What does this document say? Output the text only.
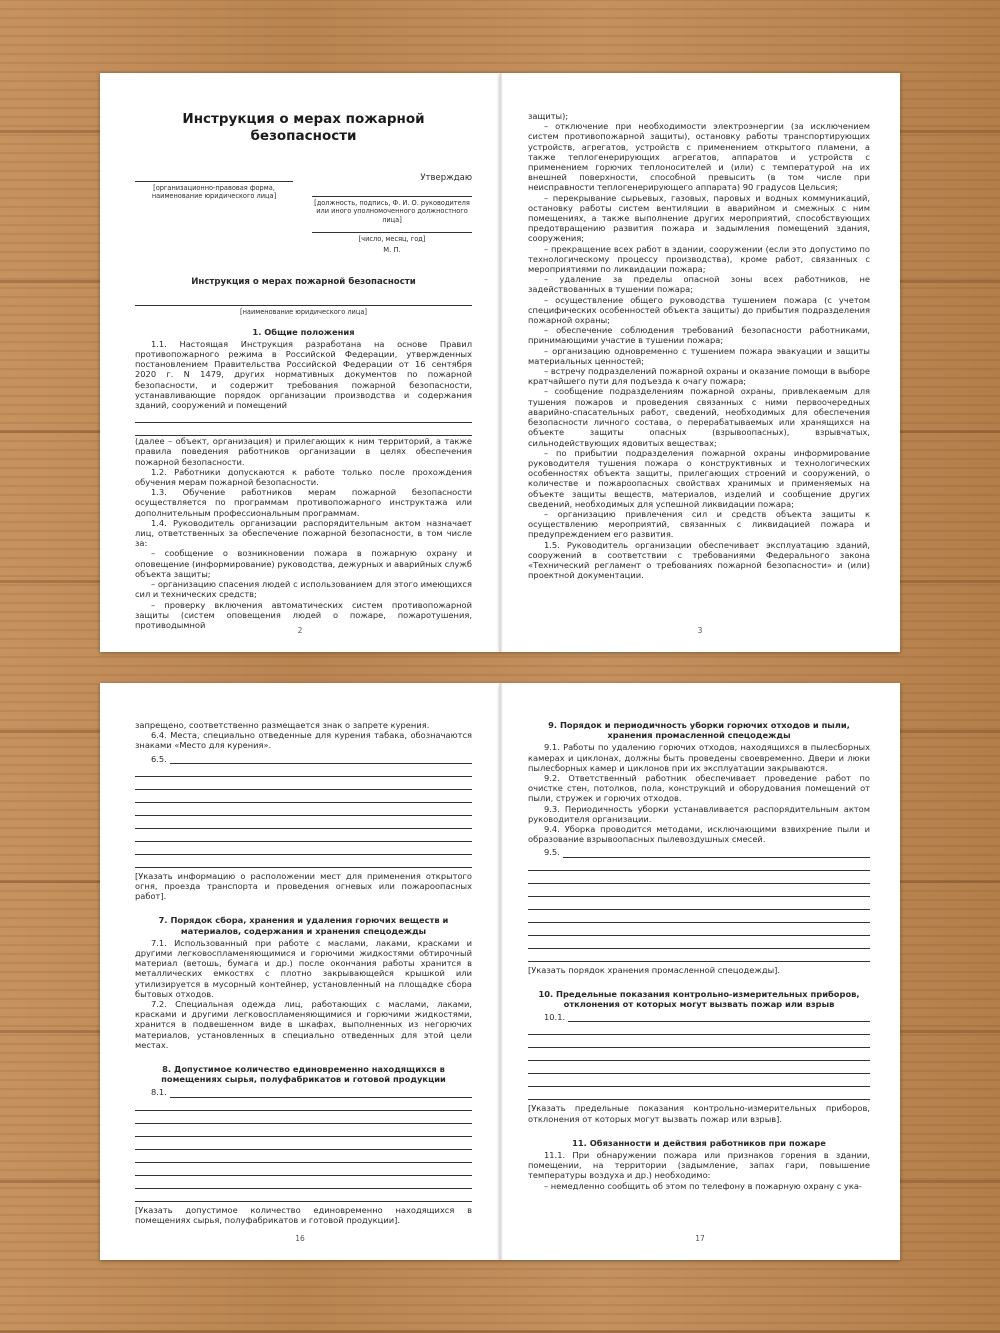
Инструкция о мерах пожарной безопасности
[организационно-правовая форма, наименование юридического лица]
Утверждаю
[должность, подпись, Ф. И. О. руководителя или иного уполномоченного должностного лица]
[число, месяц, год]
М. П.
Инструкция о мерах пожарной безопасности
[наименование юридического лица]
1. Общие положения

1.1. Настоящая Инструкция разработана на основе Правил противопожарного режима в Российской Федерации, утвержденных постановлением Правительства Российской Федерации от 16 сентября 2020 г. N 1479, других нормативных документов по пожарной безопасности, и содержит требования пожарной безопасности, устанавливающие порядок организации производства и содержания зданий, сооружений и помещений

(далее – объект, организация) и прилегающих к ним территорий, а также правила поведения работников организации в целях обеспечения пожарной безопасности.

1.2. Работники допускаются к работе только после прохождения обучения мерам пожарной безопасности.

1.3. Обучение работников мерам пожарной безопасности осуществляется по программам противопожарного инструктажа или дополнительным профессиональным программам.

1.4. Руководитель организации распорядительным актом назначает лиц, ответственных за обеспечение пожарной безопасности, в том числе за:

– сообщение о возникновении пожара в пожарную охрану и оповещение (информирование) руководства, дежурных и аварийных служб объекта защиты;

– организацию спасения людей с использованием для этого имеющихся сил и технических средств;

– проверку включения автоматических систем противопожарной защиты (систем оповещения людей о пожаре, пожаротушения, противодымной

2

защиты);

– отключение при необходимости электроэнергии (за исключением систем противопожарной защиты), остановку работы транспортирующих устройств, агрегатов, устройств с применением открытого пламени, а также теплогенерирующих агрегатов, аппаратов и устройств с применением горючих теплоносителей и (или) с температурой на их внешней поверхности, способной превысить (в том числе при неисправности теплогенерирующего аппарата) 90 градусов Цельсия;

– перекрывание сырьевых, газовых, паровых и водных коммуникаций, остановку работы систем вентиляции в аварийном и смежных с ним помещениях, а также выполнение других мероприятий, способствующих предотвращению развития пожара и задымления помещений здания, сооружения;

– прекращение всех работ в здании, сооружении (если это допустимо по технологическому процессу производства), кроме работ, связанных с мероприятиями по ликвидации пожара;

– удаление за пределы опасной зоны всех работников, не задействованных в тушении пожара;

– осуществление общего руководства тушением пожара (с учетом специфических особенностей объекта защиты) до прибытия подразделения пожарной охраны;

– обеспечение соблюдения требований безопасности работниками, принимающими участие в тушении пожара;

– организацию одновременно с тушением пожара эвакуации и защиты материальных ценностей;

– встречу подразделений пожарной охраны и оказание помощи в выборе кратчайшего пути для подъезда к очагу пожара;

– сообщение подразделениям пожарной охраны, привлекаемым для тушения пожаров и проведения связанных с ними первоочередных аварийно-спасательных работ, сведений, необходимых для обеспечения безопасности личного состава, о перерабатываемых или хранящихся на объекте защиты опасных (взрывоопасных), взрывчатых, сильнодействующих ядовитых веществах;

– по прибытии подразделения пожарной охраны информирование руководителя тушения пожара о конструктивных и технологических особенностях объекта защиты, прилегающих строений и сооружений, о количестве и пожароопасных свойствах хранимых и применяемых на объекте защиты веществ, материалов, изделий и сообщение других сведений, необходимых для успешной ликвидации пожара;

– организацию привлечения сил и средств объекта защиты к осуществлению мероприятий, связанных с ликвидацией пожара и предупреждением его развития.

1.5. Руководитель организации обеспечивает эксплуатацию зданий, сооружений в соответствии с требованиями Федерального закона «Технический регламент о требованиях пожарной безопасности» и (или) проектной документации.

3

запрещено, соответственно размещается знак о запрете курения.

6.4. Места, специально отведенные для курения табака, обозначаются знаками «Место для курения».

6.5.

[Указать информацию о расположении мест для применения открытого огня, проезда транспорта и проведения огневых или пожароопасных работ].

7. Порядок сбора, хранения и удаления горючих веществ и материалов, содержания и хранения спецодежды

7.1. Использованный при работе с маслами, лаками, красками и другими легковоспламеняющимися и горючими жидкостями обтирочный материал (ветошь, бумага и др.) после окончания работы хранится в металлических емкостях с плотно закрывающейся крышкой или утилизируется в мусорный контейнер, установленный на площадке сбора бытовых отходов.

7.2. Специальная одежда лиц, работающих с маслами, лаками, красками и другими легковоспламеняющимися и горючими жидкостями, хранится в подвешенном виде в шкафах, выполненных из негорючих материалов, установленных в специально отведенных для этой цели местах.

8. Допустимое количество единовременно находящихся в помещениях сырья, полуфабрикатов и готовой продукции
8.1.

[Указать допустимое количество единовременно находящихся в помещениях сырья, полуфабрикатов и готовой продукции].

16
9. Порядок и периодичность уборки горючих отходов и пыли, хранения промасленной спецодежды

9.1. Работы по удалению горючих отходов, находящихся в пылесборных камерах и циклонах, должны быть проведены своевременно. Двери и люки пылесборных камер и циклонов при их эксплуатации закрываются.

9.2. Ответственный работник обеспечивает проведение работ по очистке стен, потолков, пола, конструкций и оборудования помещений от пыли, стружек и горючих отходов.

9.3. Периодичность уборки устанавливается распорядительным актом руководителя организации.

9.4. Уборка проводится методами, исключающими взвихрение пыли и образование взрывоопасных пылевоздушных смесей.

9.5.

[Указать порядок хранения промасленной спецодежды].

10. Предельные показания контрольно-измерительных приборов, отклонения от которых могут вызвать пожар или взрыв
10.1.

[Указать предельные показания контрольно-измерительных приборов, отклонения от которых могут вызвать пожар или взрыв].

11. Обязанности и действия работников при пожаре

11.1. При обнаружении пожара или признаков горения в здании, помещении, на территории (задымление, запах гари, повышение температуры воздуха и др.) необходимо:

– немедленно сообщить об этом по телефону в пожарную охрану с ука-

17
